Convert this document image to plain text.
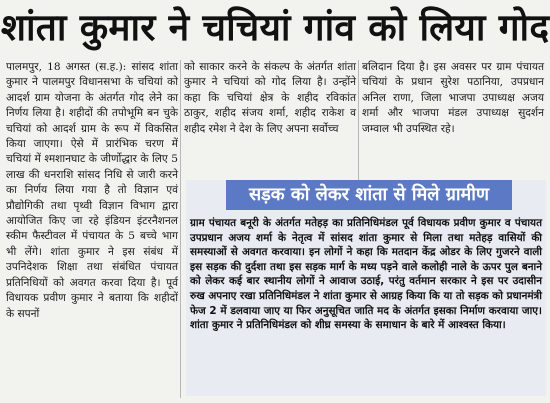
शांता कुमार ने चचियां गांव को लिया गोद

पालमपुर, 18 अगस्त (स.ह.): सांसद शांता कुमार ने पालमपुर विधानसभा के चचियां को आदर्श ग्राम योजना के अंतर्गत गोद लेने का निर्णय लिया है। शहीदों की तपोभूमि बन चुके चचियां को आदर्श ग्राम के रूप में विकसित किया जाएगा। ऐसे में प्रारंभिक चरण में चचियां में श्मशानघाट के जीर्णोद्धार के लिए 5 लाख की धनराशि सांसद निधि से जारी करने का निर्णय लिया गया है तो विज्ञान एवं प्रौद्योगिकी तथा पृथ्वी विज्ञान विभाग द्वारा आयोजित किए जा रहे इंडियन इंटरनैशनल स्कीम फैस्टीवल में पंचायत के 5 बच्चे भाग भी लेंगे। शांता कुमार ने इस संबंध में उपनिदेशक शिक्षा तथा संबंधित पंचायत प्रतिनिधियों को अवगत करवा दिया है। पूर्व विधायक प्रवीण कुमार ने बताया कि शहीदों के सपनों

को साकार करने के संकल्प के अंतर्गत शांता कुमार ने चचियां को गोद लिया है। उन्होंने कहा कि चचियां क्षेत्र के शहीद रविकांत ठाकुर, शहीद संजय शर्मा, शहीद राकेश व शहीद रमेश ने देश के लिए अपना सर्वोच्च

बलिदान दिया है। इस अवसर पर ग्राम पंचायत चचियां के प्रधान सुरेश पठानिया, उपप्रधान अनिल राणा, जिला भाजपा उपाध्यक्ष अजय शर्मा और भाजपा मंडल उपाध्यक्ष सुदर्शन जम्वाल भी उपस्थित रहे।

सड़क को लेकर शांता से मिले ग्रामीण
ग्राम पंचायत बनूरी के अंतर्गत मतेहड़ का प्रतिनिधिमंडल पूर्व विधायक प्रवीण कुमार व पंचायत उपप्रधान अजय शर्मा के नेतृत्व में सांसद शांता कुमार से मिला तथा मतेहड़ वासियों की समस्याओं से अवगत करवाया। इन लोगों ने कहा कि मतदान केंद्र ओडर के लिए गुजरने वाली इस सड़क की दुर्दशा तथा इस सड़क मार्ग के मध्य पड़ने वाले कलोही नाले के ऊपर पुल बनाने को लेकर कई बार स्थानीय लोगों ने आवाज उठाई, परंतु वर्तमान सरकार ने इस पर उदासीन रुख अपनाए रखा प्रतिनिधिमंडल ने शांता कुमार से आग्रह किया कि या तो सड़क को प्रधानमंत्री फेज 2 में डलवाया जाए या फिर अनुसूचित जाति मद के अंतर्गत इसका निर्माण करवाया जाए। शांता कुमार ने प्रतिनिधिमंडल को शीघ्र समस्या के समाधान के बारे में आश्वस्त किया।
